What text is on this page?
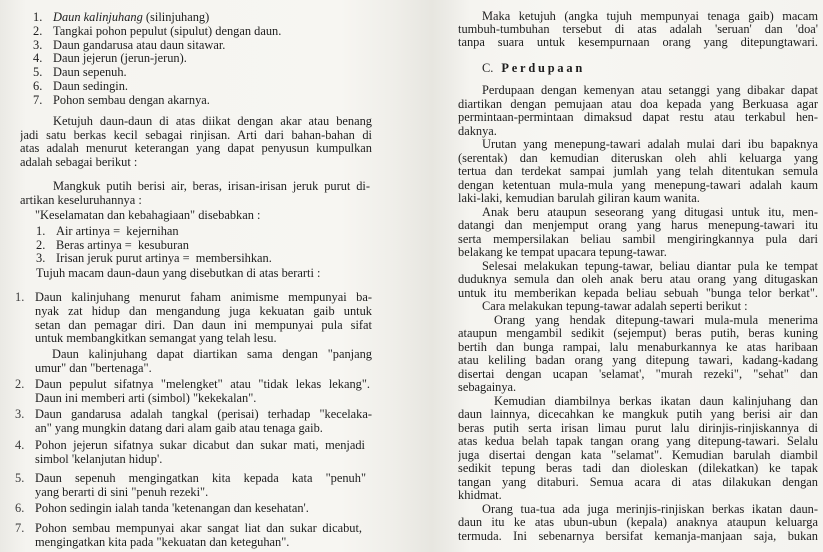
1. Daun kalinjuhang (silinjuhang)
2. Tangkai pohon pepulut (sipulut) dengan daun.
3. Daun gandarusa atau daun sitawar.
4. Daun jejerun (jerun-jerun).
5. Daun sepenuh.
6. Daun sedingin.
7. Pohon sembau dengan akarnya.
Ketujuh daun-daun di atas diikat dengan akar atau benang
jadi satu berkas kecil sebagai rinjisan. Arti dari bahan-bahan di
atas adalah menurut keterangan yang dapat penyusun kumpulkan
adalah sebagai berikut :
Mangkuk putih berisi air, beras, irisan-irisan jeruk purut di-
artikan keseluruhannya :
"Keselamatan dan kebahagiaan" disebabkan :
1. Air artinya =  kejernihan
2. Beras artinya =  kesuburan
3. Irisan jeruk purut artinya =  membersihkan.
Tujuh macam daun-daun yang disebutkan di atas berarti :
1. Daun kalinjuhang menurut faham animisme mempunyai ba-
nyak zat hidup dan mengandung juga kekuatan gaib untuk
setan dan pemagar diri. Dan daun ini mempunyai pula sifat
untuk membangkitkan semangat yang telah lesu.
Daun kalinjuhang dapat diartikan sama dengan "panjang
umur" dan "bertenaga".
2. Daun pepulut sifatnya "melengket" atau "tidak lekas lekang".
Daun ini memberi arti (simbol) "kekekalan".
3. Daun gandarusa adalah tangkal (perisai) terhadap "kecelaka-
an" yang mungkin datang dari alam gaib atau tenaga gaib.
4. Pohon jejerun sifatnya sukar dicabut dan sukar mati, menjadi
simbol 'kelanjutan hidup'.
5. Daun sepenuh mengingatkan kita kepada kata "penuh"
yang berarti di sini "penuh rezeki".
6. Pohon sedingin ialah tanda 'ketenangan dan kesehatan'.
7. Pohon sembau mempunyai akar sangat liat dan sukar dicabut,
mengingatkan kita pada "kekuatan dan keteguhan".
Maka ketujuh (angka tujuh mempunyai tenaga gaib) macam
tumbuh-tumbuhan tersebut di atas adalah 'seruan' dan 'doa'
tanpa suara untuk kesempurnaan orang yang ditepungtawari.
C. Perdupaan
Perdupaan dengan kemenyan atau setanggi yang dibakar dapat
diartikan dengan pemujaan atau doa kepada yang Berkuasa agar
permintaan-permintaan dimaksud dapat restu atau terkabul hen-
daknya.
Urutan yang menepung-tawari adalah mulai dari ibu bapaknya
(serentak) dan kemudian diteruskan oleh ahli keluarga yang
tertua dan terdekat sampai jumlah yang telah ditentukan semula
dengan ketentuan mula-mula yang menepung-tawari adalah kaum
laki-laki, kemudian barulah giliran kaum wanita.
Anak beru ataupun seseorang yang ditugasi untuk itu, men-
datangi dan menjemput orang yang harus menepung-tawari itu
serta mempersilakan beliau sambil mengiringkannya pula dari
belakang ke tempat upacara tepung-tawar.
Selesai melakukan tepung-tawar, beliau diantar pula ke tempat
duduknya semula dan oleh anak beru atau orang yang ditugaskan
untuk itu memberikan kepada beliau sebuah "bunga telor berkat".
Cara melakukan tepung-tawar adalah seperti berikut :
Orang yang hendak ditepung-tawari mula-mula menerima
ataupun mengambil sedikit (sejemput) beras putih, beras kuning
bertih dan bunga rampai, lalu menaburkannya ke atas haribaan
atau keliling badan orang yang ditepung tawari, kadang-kadang
disertai dengan ucapan 'selamat', "murah rezeki", "sehat" dan
sebagainya.
Kemudian diambilnya berkas ikatan daun kalinjuhang dan
daun lainnya, dicecahkan ke mangkuk putih yang berisi air dan
beras putih serta irisan limau purut lalu dirinjis-rinjiskannya di
atas kedua belah tapak tangan orang yang ditepung-tawari. Selalu
juga disertai dengan kata "selamat". Kemudian barulah diambil
sedikit tepung beras tadi dan dioleskan (dilekatkan) ke tapak
tangan yang ditaburi. Semua acara di atas dilakukan dengan
khidmat.
Orang tua-tua ada juga merinjis-rinjiskan berkas ikatan daun-
daun itu ke atas ubun-ubun (kepala) anaknya ataupun keluarga
termuda. Ini sebenarnya bersifat kemanja-manjaan saja, bukan
